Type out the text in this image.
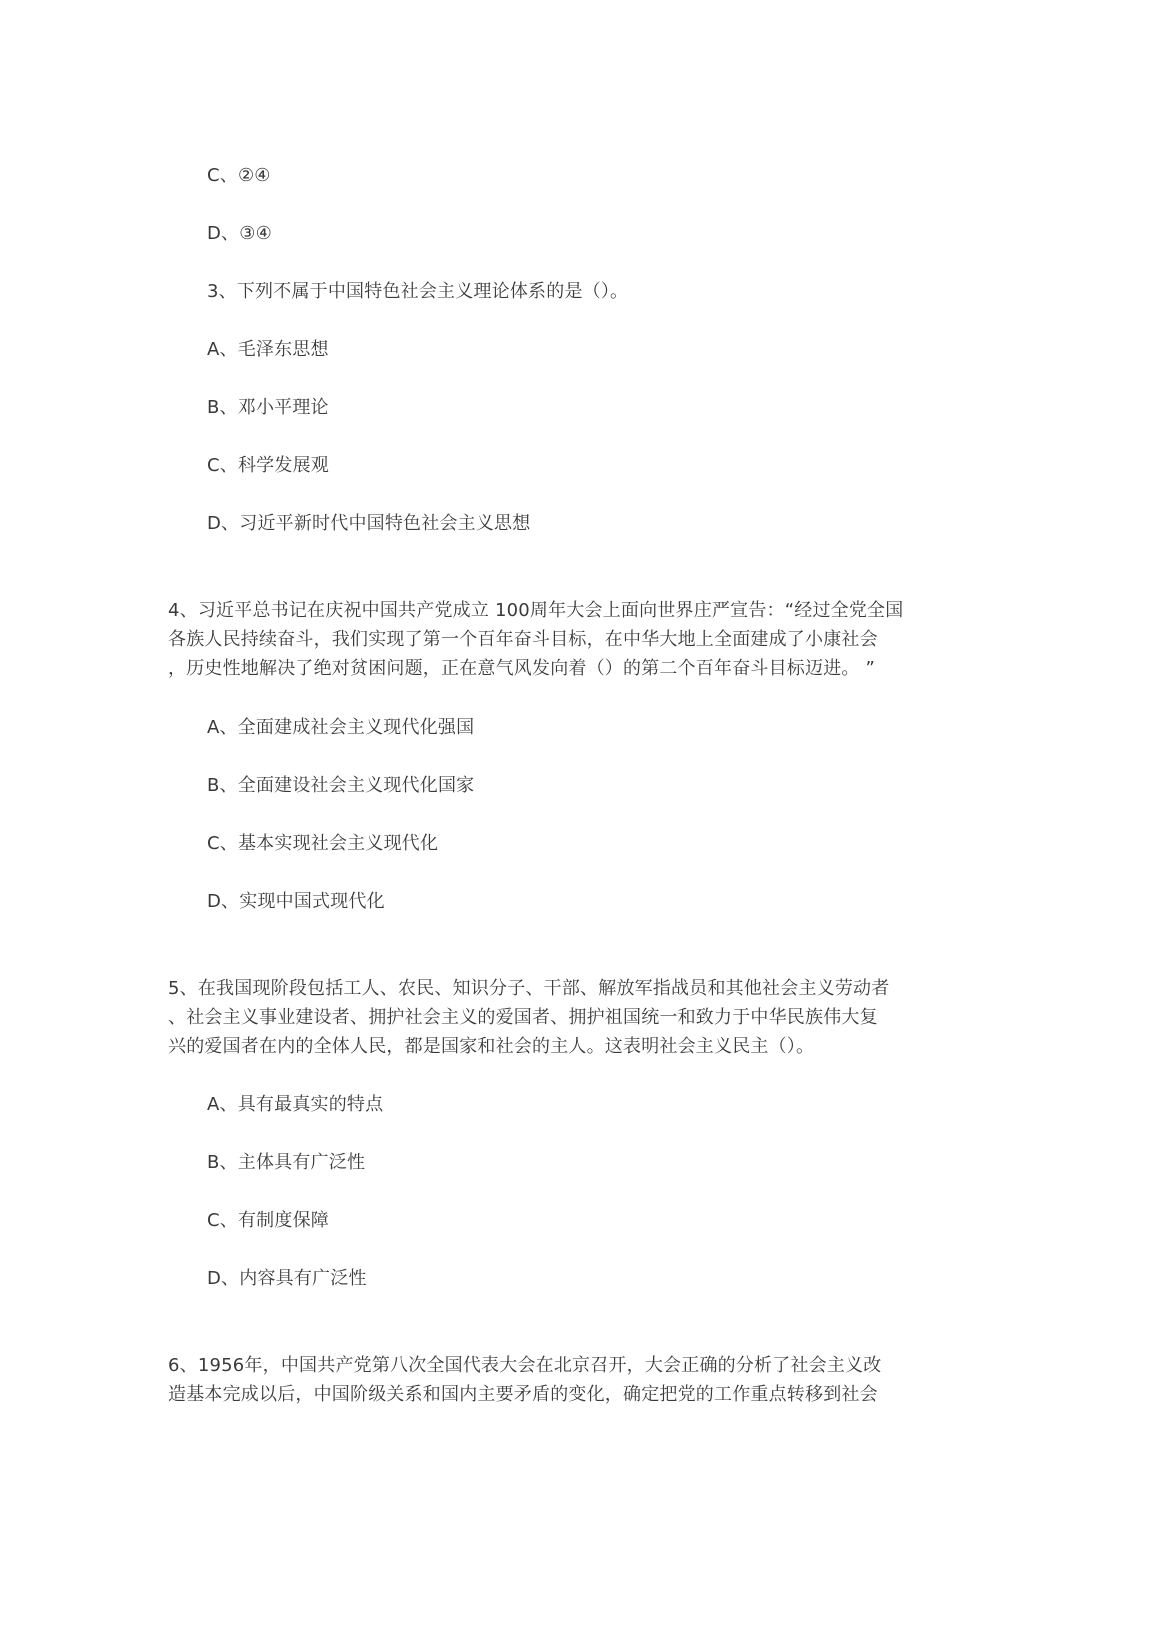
C、②④
D、③④
3、下列不属于中国特色社会主义理论体系的是（）。
A、毛泽东思想
B、邓小平理论
C、科学发展观
D、习近平新时代中国特色社会主义思想
4、习近平总书记在庆祝中国共产党成立 100周年大会上面向世界庄严宣告：“经过全党全国
各族人民持续奋斗，我们实现了第一个百年奋斗目标，在中华大地上全面建成了小康社会
，历史性地解决了绝对贫困问题，正在意气风发向着（）的第二个百年奋斗目标迈进。 ”
A、全面建成社会主义现代化强国
B、全面建设社会主义现代化国家
C、基本实现社会主义现代化
D、实现中国式现代化
5、在我国现阶段包括工人、农民、知识分子、干部、解放军指战员和其他社会主义劳动者
、社会主义事业建设者、拥护社会主义的爱国者、拥护祖国统一和致力于中华民族伟大复
兴的爱国者在内的全体人民，都是国家和社会的主人。这表明社会主义民主（）。
A、具有最真实的特点
B、主体具有广泛性
C、有制度保障
D、内容具有广泛性
6、1956年，中国共产党第八次全国代表大会在北京召开，大会正确的分析了社会主义改
造基本完成以后，中国阶级关系和国内主要矛盾的变化，确定把党的工作重点转移到社会
